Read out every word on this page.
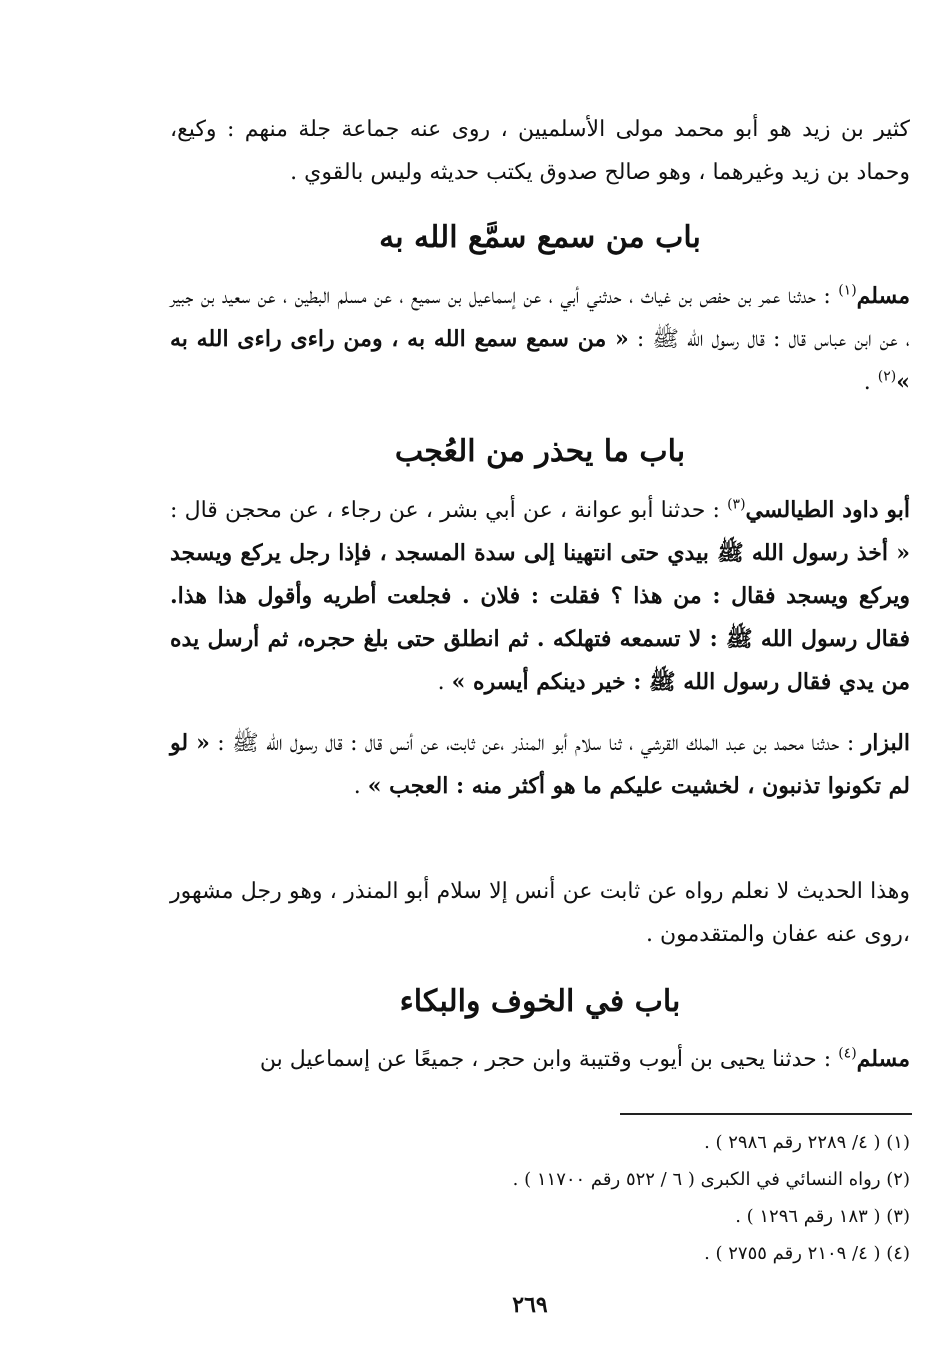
كثير بن زيد هو أبو محمد مولى الأسلميين ، روى عنه جماعة جلة منهم : وكيع، وحماد بن زيد وغيرهما ، وهو صالح صدوق يكتب حديثه وليس بالقوي .

باب من سمع سمَّع الله به

مسلم$^{(١)}$ : حدثنا عمر بن حفص بن غياث ، حدثني أبي ، عن إسماعيل بن سميع ، عن مسلم البطين ، عن سعيد بن جبير ، عن ابن عباس قال : قال رسول الله ﷺ : « من سمع سمع الله به ، ومن راءى راءى الله به »$^{(٢)}$ .

باب ما يحذر من العُجب

أبو داود الطيالسي$^{(٣)}$ : حدثنا أبو عوانة ، عن أبي بشر ، عن رجاء ، عن محجن قال : « أخذ رسول الله ﷺ بيدي حتى انتهينا إلى سدة المسجد ، فإذا رجل يركع ويسجد ويركع ويسجد فقال : من هذا ؟ فقلت : فلان . فجلعت أطريه وأقول هذا هذا. فقال رسول الله ﷺ : لا تسمعه فتهلكه . ثم انطلق حتى بلغ حجره، ثم أرسل يده من يدي فقال رسول الله ﷺ : خير دينكم أيسره » .

البزار : حدثنا محمد بن عبد الملك القرشي ، ثنا سلام أبو المنذر ،عن ثابت، عن أنس قال : قال رسول الله ﷺ : « لو لم تكونوا تذنبون ، لخشيت عليكم ما هو أكثر منه : العجب » .

وهذا الحديث لا نعلم رواه عن ثابت عن أنس إلا سلام أبو المنذر ، وهو رجل مشهور ،روى عنه عفان والمتقدمون .

باب في الخوف والبكاء

مسلم$^{(٤)}$ : حدثنا يحيى بن أيوب وقتيبة وابن حجر ، جميعًا عن إسماعيل بن

(١) ( ٤/ ٢٢٨٩ رقم ٢٩٨٦ ) .
(٢) رواه النسائي في الكبرى ( ٦ / ٥٢٢ رقم ١١٧٠٠ ) .
(٣) ( ١٨٣ رقم ١٢٩٦ ) .
(٤) ( ٤/ ٢١٠٩ رقم ٢٧٥٥ ) .
٢٦٩
